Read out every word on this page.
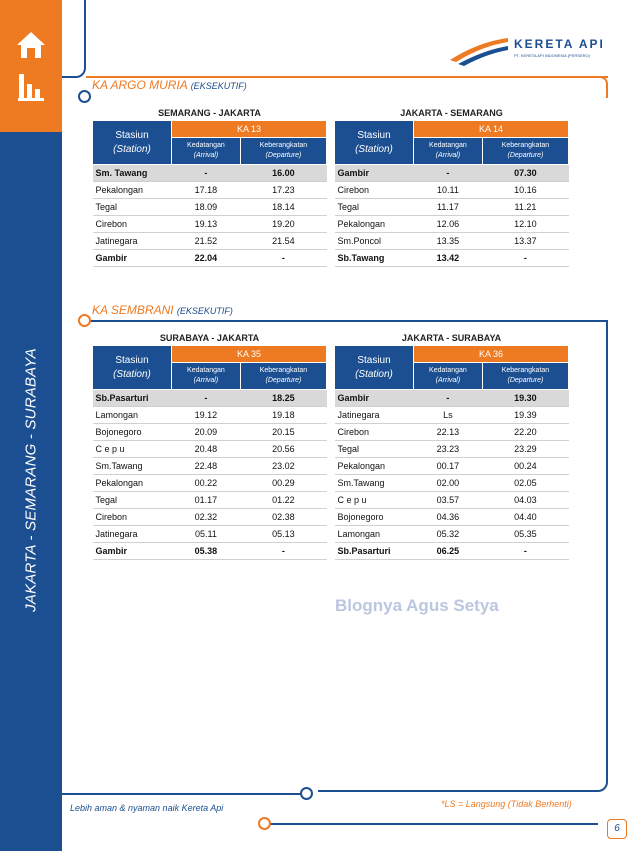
JAKARTA - SEMARANG - SURABAYA
KERETA API
PT. KERETA API INDONESIA (PERSERO)
KA ARGO MURIA (EKSEKUTIF)
KA SEMBRANI (EKSEKUTIF)
SEMARANG - JAKARTA
Stasiun
(Station)	KA 13	
	Kedatangan
(Arrival)	Keberangkatan
(Departure)
Sm. Tawang	-	16.00
Pekalongan	17.18	17.23
Tegal	18.09	18.14
Cirebon	19.13	19.20
Jatinegara	21.52	21.54
Gambir	22.04	-
JAKARTA - SEMARANG
Stasiun
(Station)	KA 14	
	Kedatangan
(Arrival)	Keberangkatan
(Departure)
Gambir	-	07.30
Cirebon	10.11	10.16
Tegal	11.17	11.21
Pekalongan	12.06	12.10
Sm.Poncol	13.35	13.37
Sb.Tawang	13.42	-
SURABAYA - JAKARTA
Stasiun
(Station)	KA 35	
	Kedatangan
(Arrival)	Keberangkatan
(Departure)
Sb.Pasarturi	-	18.25
Lamongan	19.12	19.18
Bojonegoro	20.09	20.15
C e p u	20.48	20.56
Sm.Tawang	22.48	23.02
Pekalongan	00.22	00.29
Tegal	01.17	01.22
Cirebon	02.32	02.38
Jatinegara	05.11	05.13
Gambir	05.38	-
JAKARTA - SURABAYA
Stasiun
(Station)	KA 36	
	Kedatangan
(Arrival)	Keberangkatan
(Departure)
Gambir	-	19.30
Jatinegara	Ls	19.39
Cirebon	22.13	22.20
Tegal	23.23	23.29
Pekalongan	00.17	00.24
Sm.Tawang	02.00	02.05
C e p u	03.57	04.03
Bojonegoro	04.36	04.40
Lamongan	05.32	05.35
Sb.Pasarturi	06.25	-
Blognya Agus Setya
Lebih aman & nyaman naik Kereta Api	*LS = Langsung (Tidak Berhenti)
6
